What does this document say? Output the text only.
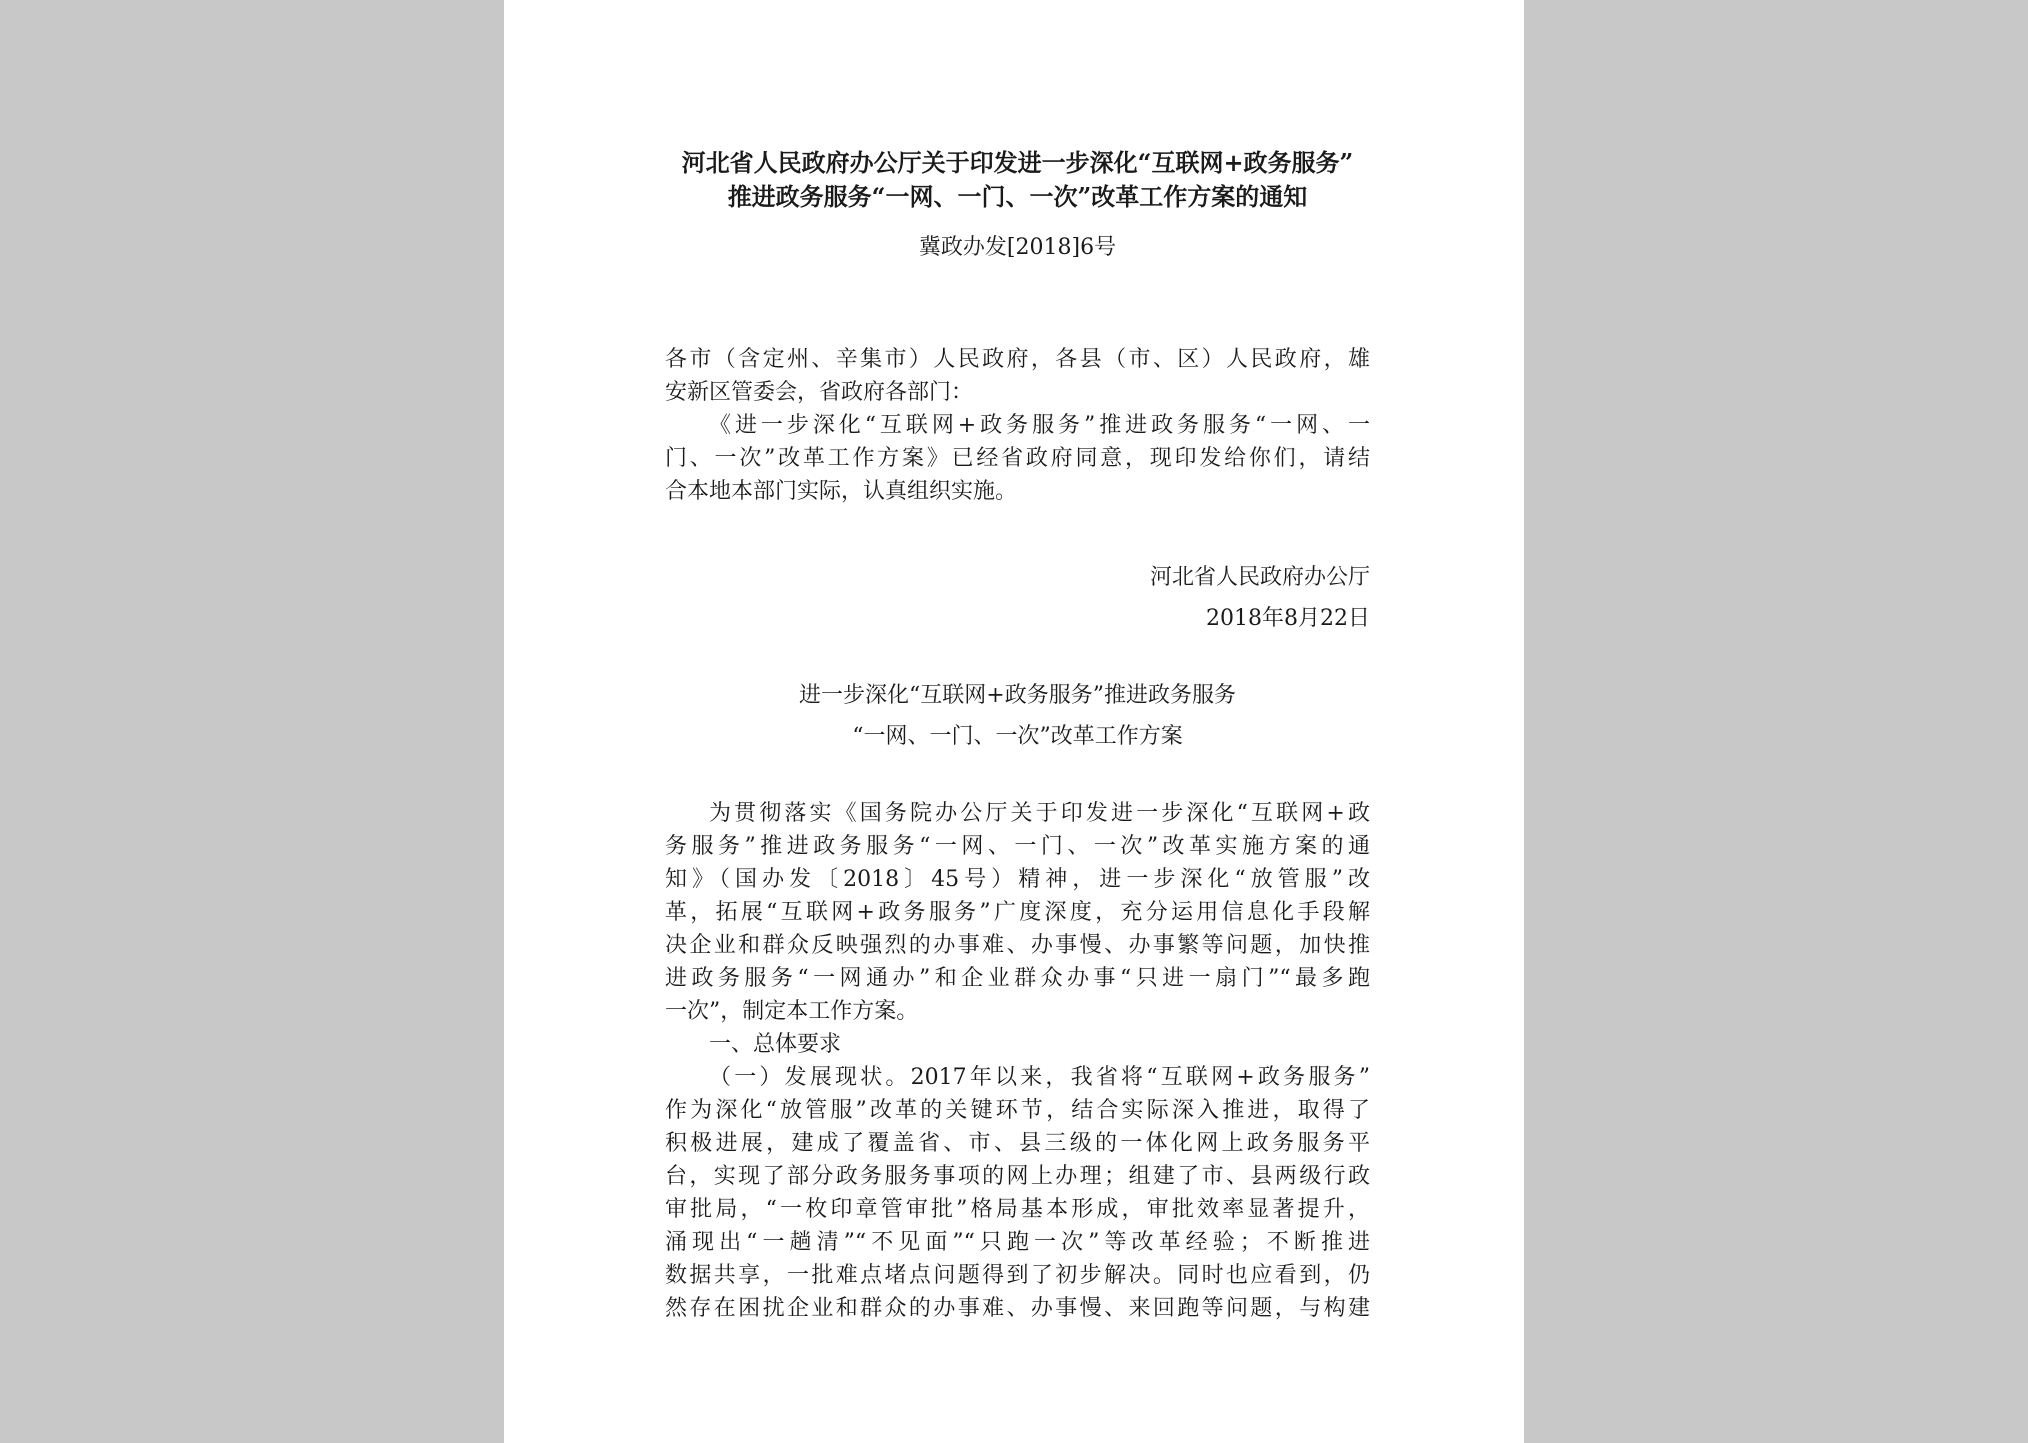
河北省人民政府办公厅关于印发进一步深化“互联网+政务服务”
推进政务服务“一网、一门、一次”改革工作方案的通知
冀政办发[2018]6号
各市（含定州、辛集市）人民政府，各县（市、区）人民政府，雄
安新区管委会，省政府各部门：
《进一步深化“互联网+政务服务”推进政务服务“一网、一
门、一次”改革工作方案》已经省政府同意，现印发给你们，请结
合本地本部门实际，认真组织实施。
河北省人民政府办公厅
2018年8月22日
进一步深化“互联网+政务服务”推进政务服务
“一网、一门、一次”改革工作方案
为贯彻落实《国务院办公厅关于印发进一步深化“互联网+政
务服务”推进政务服务“一网、一门、一次”改革实施方案的通
知》（国办发〔2018〕45号）精神，进一步深化“放管服”改
革，拓展“互联网+政务服务”广度深度，充分运用信息化手段解
决企业和群众反映强烈的办事难、办事慢、办事繁等问题，加快推
进政务服务“一网通办”和企业群众办事“只进一扇门”“最多跑
一次”，制定本工作方案。
一、总体要求
（一）发展现状。2017年以来，我省将“互联网+政务服务”
作为深化“放管服”改革的关键环节，结合实际深入推进，取得了
积极进展，建成了覆盖省、市、县三级的一体化网上政务服务平
台，实现了部分政务服务事项的网上办理；组建了市、县两级行政
审批局，“一枚印章管审批”格局基本形成，审批效率显著提升，
涌现出“一趟清”“不见面”“只跑一次”等改革经验；不断推进
数据共享，一批难点堵点问题得到了初步解决。同时也应看到，仍
然存在困扰企业和群众的办事难、办事慢、来回跑等问题，与构建
